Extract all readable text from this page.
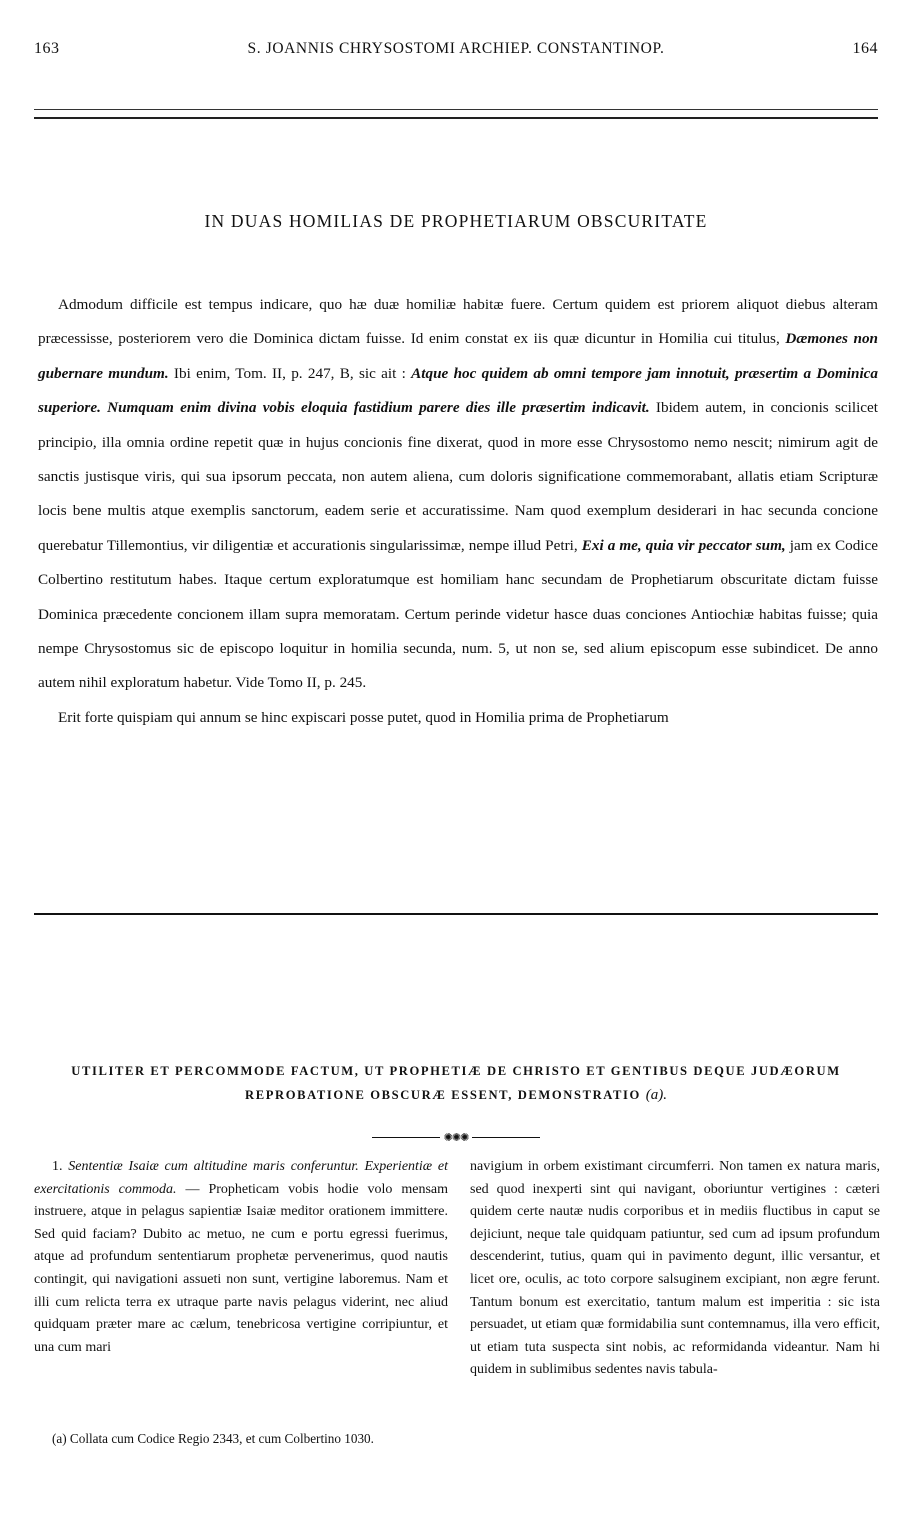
163	S. JOANNIS CHRYSOSTOMI ARCHIEP. CONSTANTINOP.	164
IN DUAS HOMILIAS DE PROPHETIARUM OBSCURITATE

Admodum difficile est tempus indicare, quo hæ duæ homiliæ habitæ fuere. Certum quidem est priorem aliquot diebus alteram præcessisse, posteriorem vero die Dominica dictam fuisse. Id enim constat ex iis quæ dicuntur in Homilia cui titulus, Dæmones non gubernare mundum. Ibi enim, Tom. II, p. 247, B, sic ait : Atque hoc quidem ab omni tempore jam innotuit, præsertim a Dominica superiore. Numquam enim divina vobis eloquia fastidium parere dies ille præsertim indicavit. Ibidem autem, in concionis scilicet principio, illa omnia ordine repetit quæ in hujus concionis fine dixerat, quod in more esse Chrysostomo nemo nescit; nimirum agit de sanctis justisque viris, qui sua ipsorum peccata, non autem aliena, cum doloris significatione commemorabant, allatis etiam Scripturæ locis bene multis atque exemplis sanctorum, eadem serie et accuratissime. Nam quod exemplum desiderari in hac secunda concione querebatur Tillemontius, vir diligentiæ et accurationis singularissimæ, nempe illud Petri, Exi a me, quia vir peccator sum, jam ex Codice Colbertino restitutum habes. Itaque certum exploratumque est homiliam hanc secundam de Prophetiarum obscuritate dictam fuisse Dominica præcedente concionem illam supra memoratam. Certum perinde videtur hasce duas conciones Antiochiæ habitas fuisse; quia nempe Chrysostomus sic de episcopo loquitur in homilia secunda, num. 5, ut non se, sed alium episcopum esse subindicet. De anno autem nihil exploratum habetur. Vide Tomo II, p. 245.

Erit forte quispiam qui annum se hinc expiscari posse putet, quod in Homilia prima de Prophetiarum

UTILITER ET PERCOMMODE FACTUM, UT PROPHETIÆ DE CHRISTO ET GENTIBUS DEQUE JUDÆORUM REPROBATIONE OBSCURÆ ESSENT, DEMONSTRATIO (a).
✺✺✺

1. Sententiæ Isaiæ cum altitudine maris conferuntur. Experientiæ et exercitationis commoda. — Propheticam vobis hodie volo mensam instruere, atque in pelagus sapientiæ Isaiæ meditor orationem immittere. Sed quid faciam? Dubito ac metuo, ne cum e portu egressi fuerimus, atque ad profundum sententiarum prophetæ pervenerimus, quod nautis contingit, qui navigationi assueti non sunt, vertigine laboremus. Nam et illi cum relicta terra ex utraque parte navis pelagus viderint, nec aliud quidquam præter mare ac cælum, tenebricosa vertigine corripiuntur, et una cum mari

(a) Collata cum Codice Regio 2343, et cum Colbertino 1030.

navigium in orbem existimant circumferri. Non tamen ex natura maris, sed quod inexperti sint qui navigant, oboriuntur vertigines : cæteri quidem certe nautæ nudis corporibus et in mediis fluctibus in caput se dejiciunt, neque tale quidquam patiuntur, sed cum ad ipsum profundum descenderint, tutius, quam qui in pavimento degunt, illic versantur, et licet ore, oculis, ac toto corpore salsuginem excipiant, non ægre ferunt. Tantum bonum est exercitatio, tantum malum est imperitia : sic ista persuadet, ut etiam quæ formidabilia sunt contemnamus, illa vero efficit, ut etiam tuta suspecta sint nobis, ac reformidanda videantur. Nam hi quidem in sublimibus sedentes navis tabula-
